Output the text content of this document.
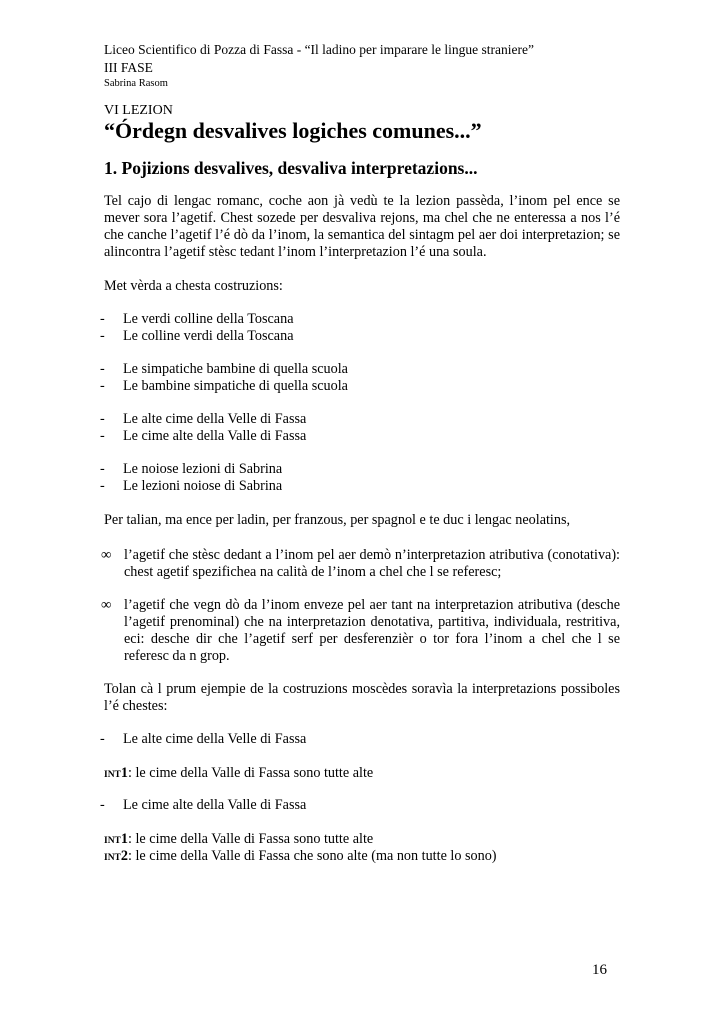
Liceo Scientifico di Pozza di Fassa - “Il ladino per imparare le lingue straniere”
III FASE
Sabrina Rasom
VI LEZION
“Órdegn desvalives logiches comunes...”
1. Pojizions desvalives, desvaliva interpretazions...
Tel cajo di lengac romanc, coche aon jà vedù te la lezion passèda, l’inom pel ence se mever sora l’agetif. Chest sozede per desvaliva rejons, ma chel che ne enteressa a nos l’é che canche l’agetif l’é dò da l’inom, la semantica del sintagm pel aer doi interpretazion; se alincontra l’agetif stèsc tedant l’inom l’interpretazion l’é una soula.
Met vèrda a chesta costruzions:
- Le verdi colline della Toscana
- Le colline verdi della Toscana
- Le simpatiche bambine di quella scuola
- Le bambine simpatiche di quella scuola
- Le alte cime della Velle di Fassa
- Le cime alte della Valle di Fassa
- Le noiose lezioni di Sabrina
- Le lezioni noiose di Sabrina
Per talian, ma ence per ladin, per franzous, per spagnol e te duc i lengac neolatins,
∞ l’agetif che stèsc dedant a l’inom pel aer demò n’interpretazion atributiva (conotativa): chest agetif spezifichea na calità de l’inom a chel che l se referesc;
∞ l’agetif che vegn dò da l’inom enveze pel aer tant na interpretazion atributiva (desche l’agetif prenominal) che na interpretazion denotativa, partitiva, individuala, restritiva, eci: desche dir che l’agetif serf per desferenzièr o tor fora l’inom a chel che l se referesc da n grop.
Tolan cà l prum ejempie de la costruzions moscèdes soravìa la interpretazions possiboles l’é chestes:
- Le alte cime della Velle di Fassa
INT1: le cime della Valle di Fassa sono tutte alte
- Le cime alte della Valle di Fassa
INT1: le cime della Valle di Fassa sono tutte alte
INT2: le cime della Valle di Fassa che sono alte (ma non tutte lo sono)
16
